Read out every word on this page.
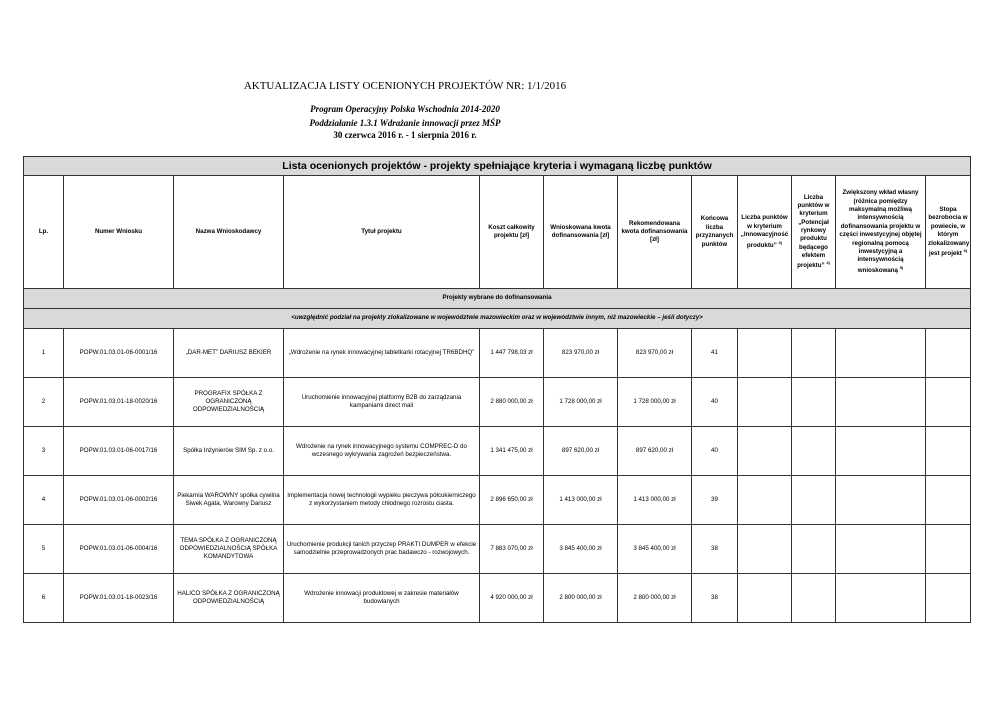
AKTUALIZACJA LISTY OCENIONYCH PROJEKTÓW NR: 1/1/2016
Program Operacyjny Polska Wschodnia 2014-2020
Poddziałanie 1.3.1 Wdrażanie innowacji przez MŚP
30 czerwca 2016 r. - 1 sierpnia 2016 r.
Lista ocenionych projektów - projekty spełniające kryteria i wymaganą liczbę punktów											
Lp.	Numer Wniosku	Nazwa Wnioskodawcy	Tytuł projektu	Koszt całkowity projektu [zł]	Wnioskowana kwota dofinansowania [zł]	Rekomendowana kwota dofinansowania [zł]	Końcowa liczba przyznanych punktów	Liczba punktów w kryterium „Innowacyjność produktu” $^{3)}$	Liczba punktów w kryterium „Potencjał rynkowy produktu będącego efektem projektu” $^{4)}$	Zwiększony wkład własny (różnica pomiędzy maksymalną możliwą intensywnością dofinansowania projektu w części inwestycyjnej objętej regionalną pomocą inwestycyjną a intensywnością wnioskowaną $^{5)}$	Stopa bezrobocia w powiecie, w którym zlokalizowany jest projekt $^{6)}$
Projekty wybrane do dofinansowania											
<uwzględnić podział na projekty zlokalizowane w województwie mazowieckim oraz w województwie innym, niż mazowieckie – jeśli dotyczy>											
1	POPW.01.03.01-06-0001/16	„DAR-MET” DARIUSZ BEKIER	„Wdrożenie na rynek innowacyjnej tabletkarki rotacyjnej TR6BDHQ”	1 447 798,03 zł	823 970,00 zł	823 970,00 zł	41				
2	POPW.01.03.01-18-0020/16	PROGRAFIX SPÓŁKA Z OGRANICZONĄ ODPOWIEDZIALNOŚCIĄ	Uruchomienie innowacyjnej platformy B2B do zarządzania kampaniami direct mail	2 880 000,00 zł	1 728 000,00 zł	1 728 000,00 zł	40				
3	POPW.01.03.01-06-0017/16	Spółka Inżynierów SIM Sp. z o.o.	Wdrożenie na rynek innowacyjnego systemu COMPREC-D do wczesnego wykrywania zagrożeń bezpieczeństwa.	1 341 475,00 zł	897 620,00 zł	897 620,00 zł	40				
4	POPW.01.03.01-06-0002/16	Piekarnia WAROWNY spółka cywilna Siwek Agata, Warowny Dariusz	Implementacja nowej technologii wypieku pieczywa półcukierniczego z wykorzystaniem metody chłodnego rozrostu ciasta.	2 896 650,00 zł	1 413 000,00 zł	1 413 000,00 zł	39				
5	POPW.01.03.01-06-0004/16	TEMA SPÓŁKA Z OGRANICZONĄ ODPOWIEDZIALNOŚCIĄ SPÓŁKA KOMANDYTOWA	Uruchomienie produkcji tanich przyczep PRAKTI DUMPER w efekcie samodzielnie przeprowadzonych prac badawczo - rozwojowych.	7 883 070,00 zł	3 845 400,00 zł	3 845 400,00 zł	38				
6	POPW.01.03.01-18-0023/16	HALICO SPÓŁKA Z OGRANICZONĄ ODPOWIEDZIALNOŚCIĄ	Wdrożenie innowacji produktowej w zakresie materiałów budowlanych	4 920 000,00 zł	2 800 000,00 zł	2 800 000,00 zł	38				
